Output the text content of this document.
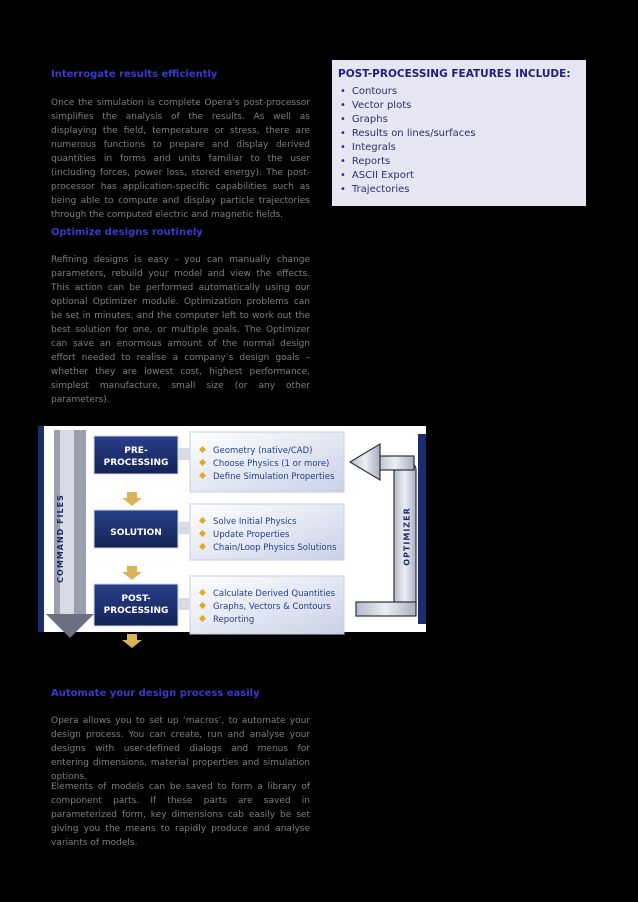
Interrogate results efficiently

Once the simulation is complete Opera’s post-processor simplifies the analysis of the results. As well as displaying the field, temperature or stress, there are numerous functions to prepare and display derived quantities in forms and units familiar to the user (including forces, power loss, stored energy). The post-processor has application-specific capabilities such as being able to compute and display particle trajectories through the computed electric and magnetic fields.

Optimize designs routinely

Refining designs is easy - you can manually change parameters, rebuild your model and view the effects. This action can be performed automatically using our optional Optimizer module. Optimization problems can be set in minutes, and the computer left to work out the best solution for one, or multiple goals. The Optimizer can save an enormous amount of the normal design effort needed to realise a company’s design goals – whether they are lowest cost, highest performance, simplest manufacture, small size (or any other parameters).

POST-PROCESSING FEATURES INCLUDE:
• Contours
• Vector plots
• Graphs
• Results on lines/surfaces
• Integrals
• Reports
• ASCII Export
• Trajectories
COMMAND FILES	OPTIMIZER
PRE-
PROCESSING
SOLUTION
POST-
PROCESSING
Geometry (native/CAD)
Choose Physics (1 or more)
Define Simulation Properties
Solve Initial Physics
Update Properties
Chain/Loop Physics Solutions
Calculate Derived Quantities
Graphs, Vectors & Contours
Reporting
Automate your design process easily

Opera allows you to set up ‘macros’, to automate your design process. You can create, run and analyse your designs with user-defined dialogs and menus for entering dimensions, material properties and simulation options.

Elements of models can be saved to form a library of component parts. If these parts are saved in parameterized form, key dimensions cab easily be set giving you the means to rapidly produce and analyse variants of models.
